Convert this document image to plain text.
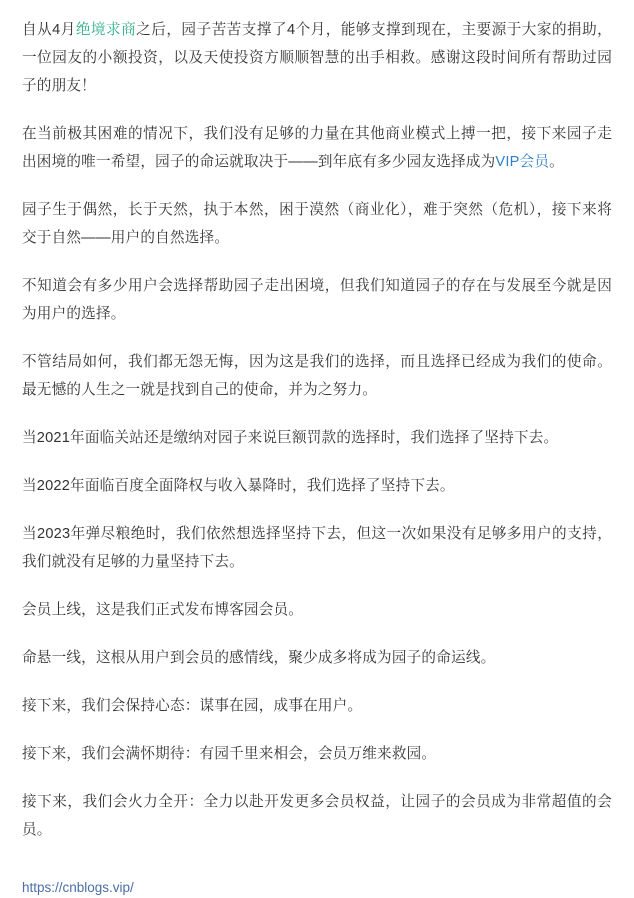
自从4月绝境求商之后，园子苦苦支撑了4个月，能够支撑到现在，主要源于大家的捐助，一位园友的小额投资，以及天使投资方顺顺智慧的出手相救。感谢这段时间所有帮助过园子的朋友！

在当前极其困难的情况下，我们没有足够的力量在其他商业模式上搏一把，接下来园子走出困境的唯一希望，园子的命运就取决于——到年底有多少园友选择成为VIP会员。

园子生于偶然，长于天然，执于本然，困于漠然（商业化），难于突然（危机），接下来将交于自然——用户的自然选择。

不知道会有多少用户会选择帮助园子走出困境，但我们知道园子的存在与发展至今就是因为用户的选择。

不管结局如何，我们都无怨无悔，因为这是我们的选择，而且选择已经成为我们的使命。最无憾的人生之一就是找到自己的使命，并为之努力。

当2021年面临关站还是缴纳对园子来说巨额罚款的选择时，我们选择了坚持下去。

当2022年面临百度全面降权与收入暴降时，我们选择了坚持下去。

当2023年弹尽粮绝时，我们依然想选择坚持下去，但这一次如果没有足够多用户的支持，我们就没有足够的力量坚持下去。

会员上线，这是我们正式发布博客园会员。

命悬一线，这根从用户到会员的感情线，聚少成多将成为园子的命运线。

接下来，我们会保持心态：谋事在园，成事在用户。

接下来，我们会满怀期待：有园千里来相会，会员万维来救园。

接下来，我们会火力全开：全力以赴开发更多会员权益，让园子的会员成为非常超值的会员。

https://cnblogs.vip/
